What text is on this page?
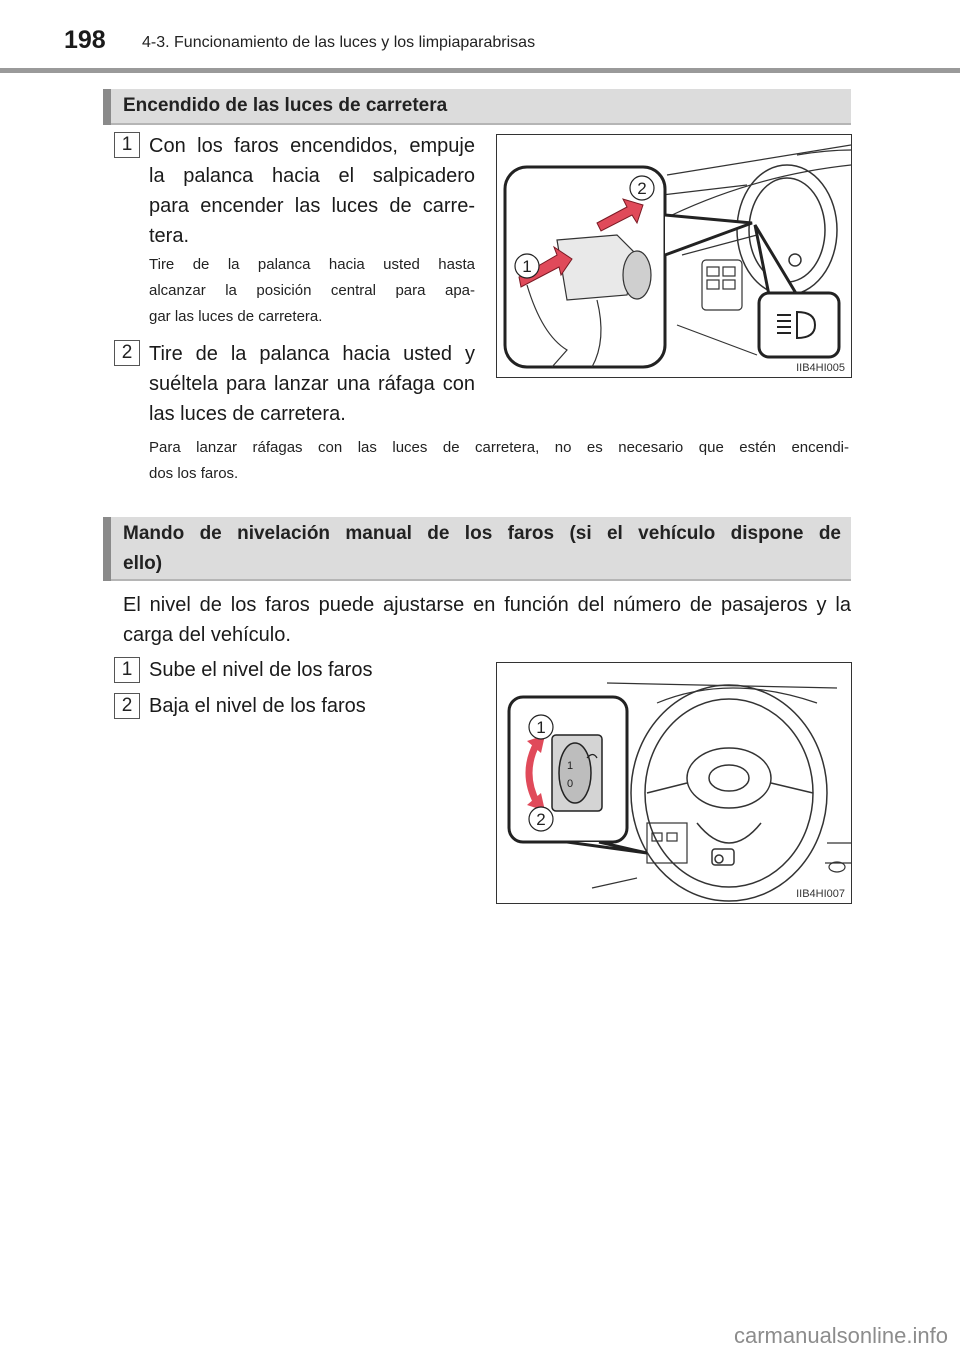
198 4-3. Funcionamiento de las luces y los limpiaparabrisas
Encendido de las luces de carretera
1 Con los faros encendidos, empuje
la palanca hacia el salpicadero
para encender las luces de carre-
tera.
Tire de la palanca hacia usted hasta
alcanzar la posición central para apa-
gar las luces de carretera.
2 Tire de la palanca hacia usted y
suéltela para lanzar una ráfaga con
las luces de carretera.
Para lanzar ráfagas con las luces de carretera, no es necesario que estén encendi-
dos los faros.
1
2
IIB4HI005
Mando de nivelación manual de los faros (si el vehículo dispone de
ello)
El nivel de los faros puede ajustarse en función del número de pasajeros y la
carga del vehículo.
1 Sube el nivel de los faros
2 Baja el nivel de los faros
1
0
1
2
IIB4HI007
carmanualsonline.info
